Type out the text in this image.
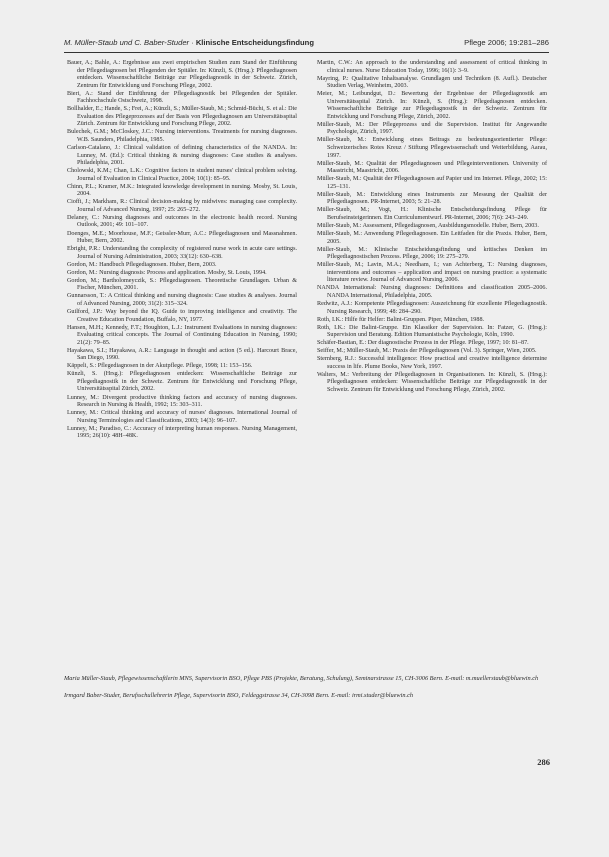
M. Müller-Staub und C. Baber-Studer · Klinische Entscheidungsfindung	Pflege 2006; 19:281–286

Bauer, A.; Bahle, A.: Ergebnisse aus zwei empirischen Studien zum Stand der Einführung der Pflegediagnosen bei Pflegenden der Spitäler. In: Künzli, S. (Hrsg.): Pflegediagnosen entdecken. Wissenschaftliche Beiträge zur Pflegediagnostik in der Schweiz. Zürich, Zentrum für Entwicklung und Forschung Pflege, 2002.

Bieri, A.: Stand der Einführung der Pflegediagnostik bei Pflegenden der Spitäler. Fachhochschule Ostschweiz, 1998.

Bollhalder, E.; Hande, S.; Frei, A.; Künzli, S.; Müller-Staub, M.; Schmid-Büchi, S. et al.: Die Evaluation des Pflegeprozesses auf der Basis von Pflegediagnosen am Universitätsspital Zürich. Zentrum für Entwicklung und Forschung Pflege, 2002.

Bulechek, G.M.; McCloskey, J.C.: Nursing interventions. Treatments for nursing diagnoses. W.B. Saunders, Philadelphia, 1985.

Carlson-Catalano, J.: Clinical validation of defining characteristics of the NANDA. In: Lunney, M. (Ed.): Critical thinking & nursing diagnoses: Case studies & analyses. Philadelphia, 2001.

Cholowski, K.M.; Chan, L.K.: Cognitive factors in student nurses' clinical problem solving. Journal of Evaluation in Clinical Practice, 2004; 10(1): 85–95.

Chinn, P.L.; Kramer, M.K.: Integrated knowledge development in nursing. Mosby, St. Louis, 2004.

Cioffi, J.; Markham, R.: Clinical decision-making by midwives: managing case complexity. Journal of Advanced Nursing, 1997; 25: 265–272.

Delaney, C.: Nursing diagnoses and outcomes in the electronic health record. Nursing Outlook, 2001; 49: 101–107.

Doenges, M.E.; Moorhouse, M.F.; Geissler-Murr, A.C.: Pflegediagnosen und Massnahmen. Huber, Bern, 2002.

Ebright, P.R.: Understanding the complexity of registered nurse work in acute care settings. Journal of Nursing Administration, 2003; 33(12): 630–638.

Gordon, M.: Handbuch Pflegediagnosen. Huber, Bern, 2003.

Gordon, M.: Nursing diagnosis: Process and application. Mosby, St. Louis, 1994.

Gordon, M.; Bartholomeyczik, S.: Pflegediagnosen. Theoretische Grundlagen. Urban & Fischer, München, 2001.

Gunnarsson, T.: A Critical thinking and nursing diagnosis: Case studies & analyses. Journal of Advanced Nursing, 2000; 31(2): 315–324.

Guilford, J.P.: Way beyond the IQ. Guide to improving intelligence and creativity. The Creative Education Foundation, Buffalo, NY, 1977.

Hansen, M.H.; Kennedy, F.T.; Houghton, L.J.: Instrument Evaluations in nursing diagnoses: Evaluating critical concepts. The Journal of Continuing Education in Nursing, 1990; 21(2): 79–85.

Hayakawa, S.I.; Hayakawa, A.R.: Language in thought and action (5 ed.). Harcourt Brace, San Diego, 1990.

Käppeli, S.: Pflegediagnosen in der Akutpflege. Pflege, 1998; 11: 153–156.

Künzli, S. (Hrsg.): Pflegediagnosen entdecken: Wissenschaftliche Beiträge zur Pflegediagnostik in der Schweiz. Zentrum für Entwicklung und Forschung Pflege, Universitätsspital Zürich, 2002.

Lunney, M.: Divergent productive thinking factors and accuracy of nursing diagnoses. Research in Nursing & Health, 1992; 15: 303–311.

Lunney, M.: Critical thinking and accuracy of nurses' diagnoses. International Journal of Nursing Terminologies and Classifications, 2003; 14(3): 96–107.

Lunney, M.; Paradiso, C.: Accuracy of interpreting human responses. Nursing Management, 1995; 26(10): 48H–48K.

Martin, C.W.: An approach to the understanding and assessment of critical thinking in clinical nurses. Nurse Education Today, 1996; 16(1): 3–9.

Mayring, P.: Qualitative Inhaltsanalyse. Grundlagen und Techniken (8. Aufl.). Deutscher Studien Verlag, Weinheim, 2003.

Meier, M.; Leibundgut, D.: Bewertung der Ergebnisse der Pflegediagnostik am Universitätsspital Zürich. In: Künzli, S. (Hrsg.): Pflegediagnosen entdecken. Wissenschaftliche Beiträge zur Pflegediagnostik in der Schweiz. Zentrum für Entwicklung und Forschung Pflege, Zürich, 2002.

Müller-Staub, M.: Der Pflegeprozess und die Supervision. Institut für Angewandte Psychologie, Zürich, 1997.

Müller-Staub, M.: Entwicklung eines Beitrags zu bedeutungsorientierter Pflege: Schweizerisches Rotes Kreuz / Stiftung Pflegewissenschaft und Weiterbildung, Aarau, 1997.

Müller-Staub, M.: Qualität der Pflegediagnosen und Pflegeinterventionen. University of Maastricht, Maastricht, 2006.

Müller-Staub, M.: Qualität der Pflegediagnosen auf Papier und im Internet. Pflege, 2002; 15: 125–131.

Müller-Staub, M.: Entwicklung eines Instruments zur Messung der Qualität der Pflegediagnosen. PR-Internet, 2003; 5: 21–28.

Müller-Staub, M.; Vogt, H.: Klinische Entscheidungsfindung Pflege für Berufseinsteigerinnen. Ein Curriculumentwurf. PR-Internet, 2006; 7(6): 243–249.

Müller-Staub, M.: Assessment, Pflegediagnosen, Ausbildungsmodelle. Huber, Bern, 2003.

Müller-Staub, M.: Anwendung Pflegediagnosen. Ein Leitfaden für die Praxis. Huber, Bern, 2005.

Müller-Staub, M.: Klinische Entscheidungsfindung und kritisches Denken im Pflegediagnostischen Prozess. Pflege, 2006; 19: 275–279.

Müller-Staub, M.; Lavin, M.A.; Needham, I.; van Achterberg, T.: Nursing diagnoses, interventions and outcomes – application and impact on nursing practice: a systematic literature review. Journal of Advanced Nursing, 2006.

NANDA International: Nursing diagnoses: Definitions and classification 2005–2006. NANDA International, Philadelphia, 2005.

Redwitz, A.J.: Kompetente Pflegediagnosen: Auszeichnung für exzellente Pflegediagnostik. Nursing Research, 1999; 48: 284–290.

Roth, I.K.: Hilfe für Helfer: Balint-Gruppen. Piper, München, 1988.

Roth, I.K.: Die Balint-Gruppe. Ein Klassiker der Supervision. In: Fatzer, G. (Hrsg.): Supervision und Beratung. Edition Humanistische Psychologie, Köln, 1990.

Schäfer-Bastian, E.: Der diagnostische Prozess in der Pflege. Pflege, 1997; 10: 81–87.

Seiffer, M.; Müller-Staub, M.: Praxis der Pflegediagnosen (Vol. 3). Springer, Wien, 2005.

Sternberg, R.J.: Successful intelligence: How practical and creative intelligence determine success in life. Plume Books, New York, 1997.

Walters, M.: Verbreitung der Pflegediagnosen in Organisationen. In: Künzli, S. (Hrsg.): Pflegediagnosen entdecken: Wissenschaftliche Beiträge zur Pflegediagnostik in der Schweiz. Zentrum für Entwicklung und Forschung Pflege, Zürich, 2002.

Maria Müller-Staub, Pflegewissenschaftlerin MNS, Supervisorin BSO, Pflege PBS (Projekte, Beratung, Schulung), Seminarstrasse 15, CH-3006 Bern. E-mail: m.muellerstaub@bluewin.ch

Irmgard Baber-Studer, Berufsschullehrerin Pflege, Supervisorin BSO, Feldeggstrasse 34, CH-3098 Bern. E-mail: irmi.studer@bluewin.ch

286
